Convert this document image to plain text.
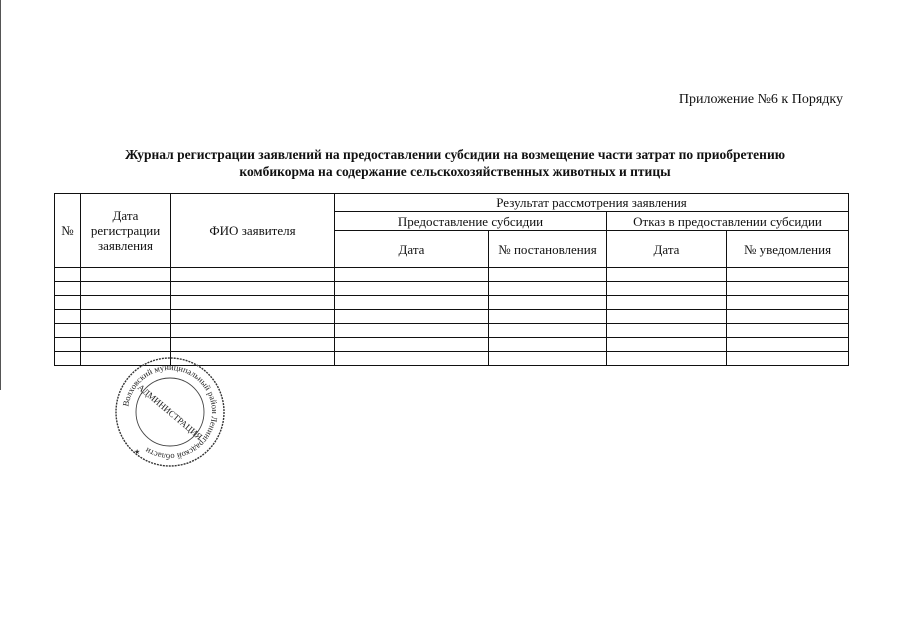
Приложение №6 к Порядку
Журнал регистрации заявлений на предоставлении субсидии на возмещение части затрат по приобретению
комбикорма на содержание сельскохозяйственных животных и птицы
№	Дата регистрации заявления	ФИО заявителя	Результат рассмотрения заявления			
			Предоставление субсидии		Отказ в предоставлении субсидии	
			Дата	№ постановления	Дата	№ уведомления

Волховский муниципальный район Ленинградской области
АДМИНИСТРАЦИЯ
★
